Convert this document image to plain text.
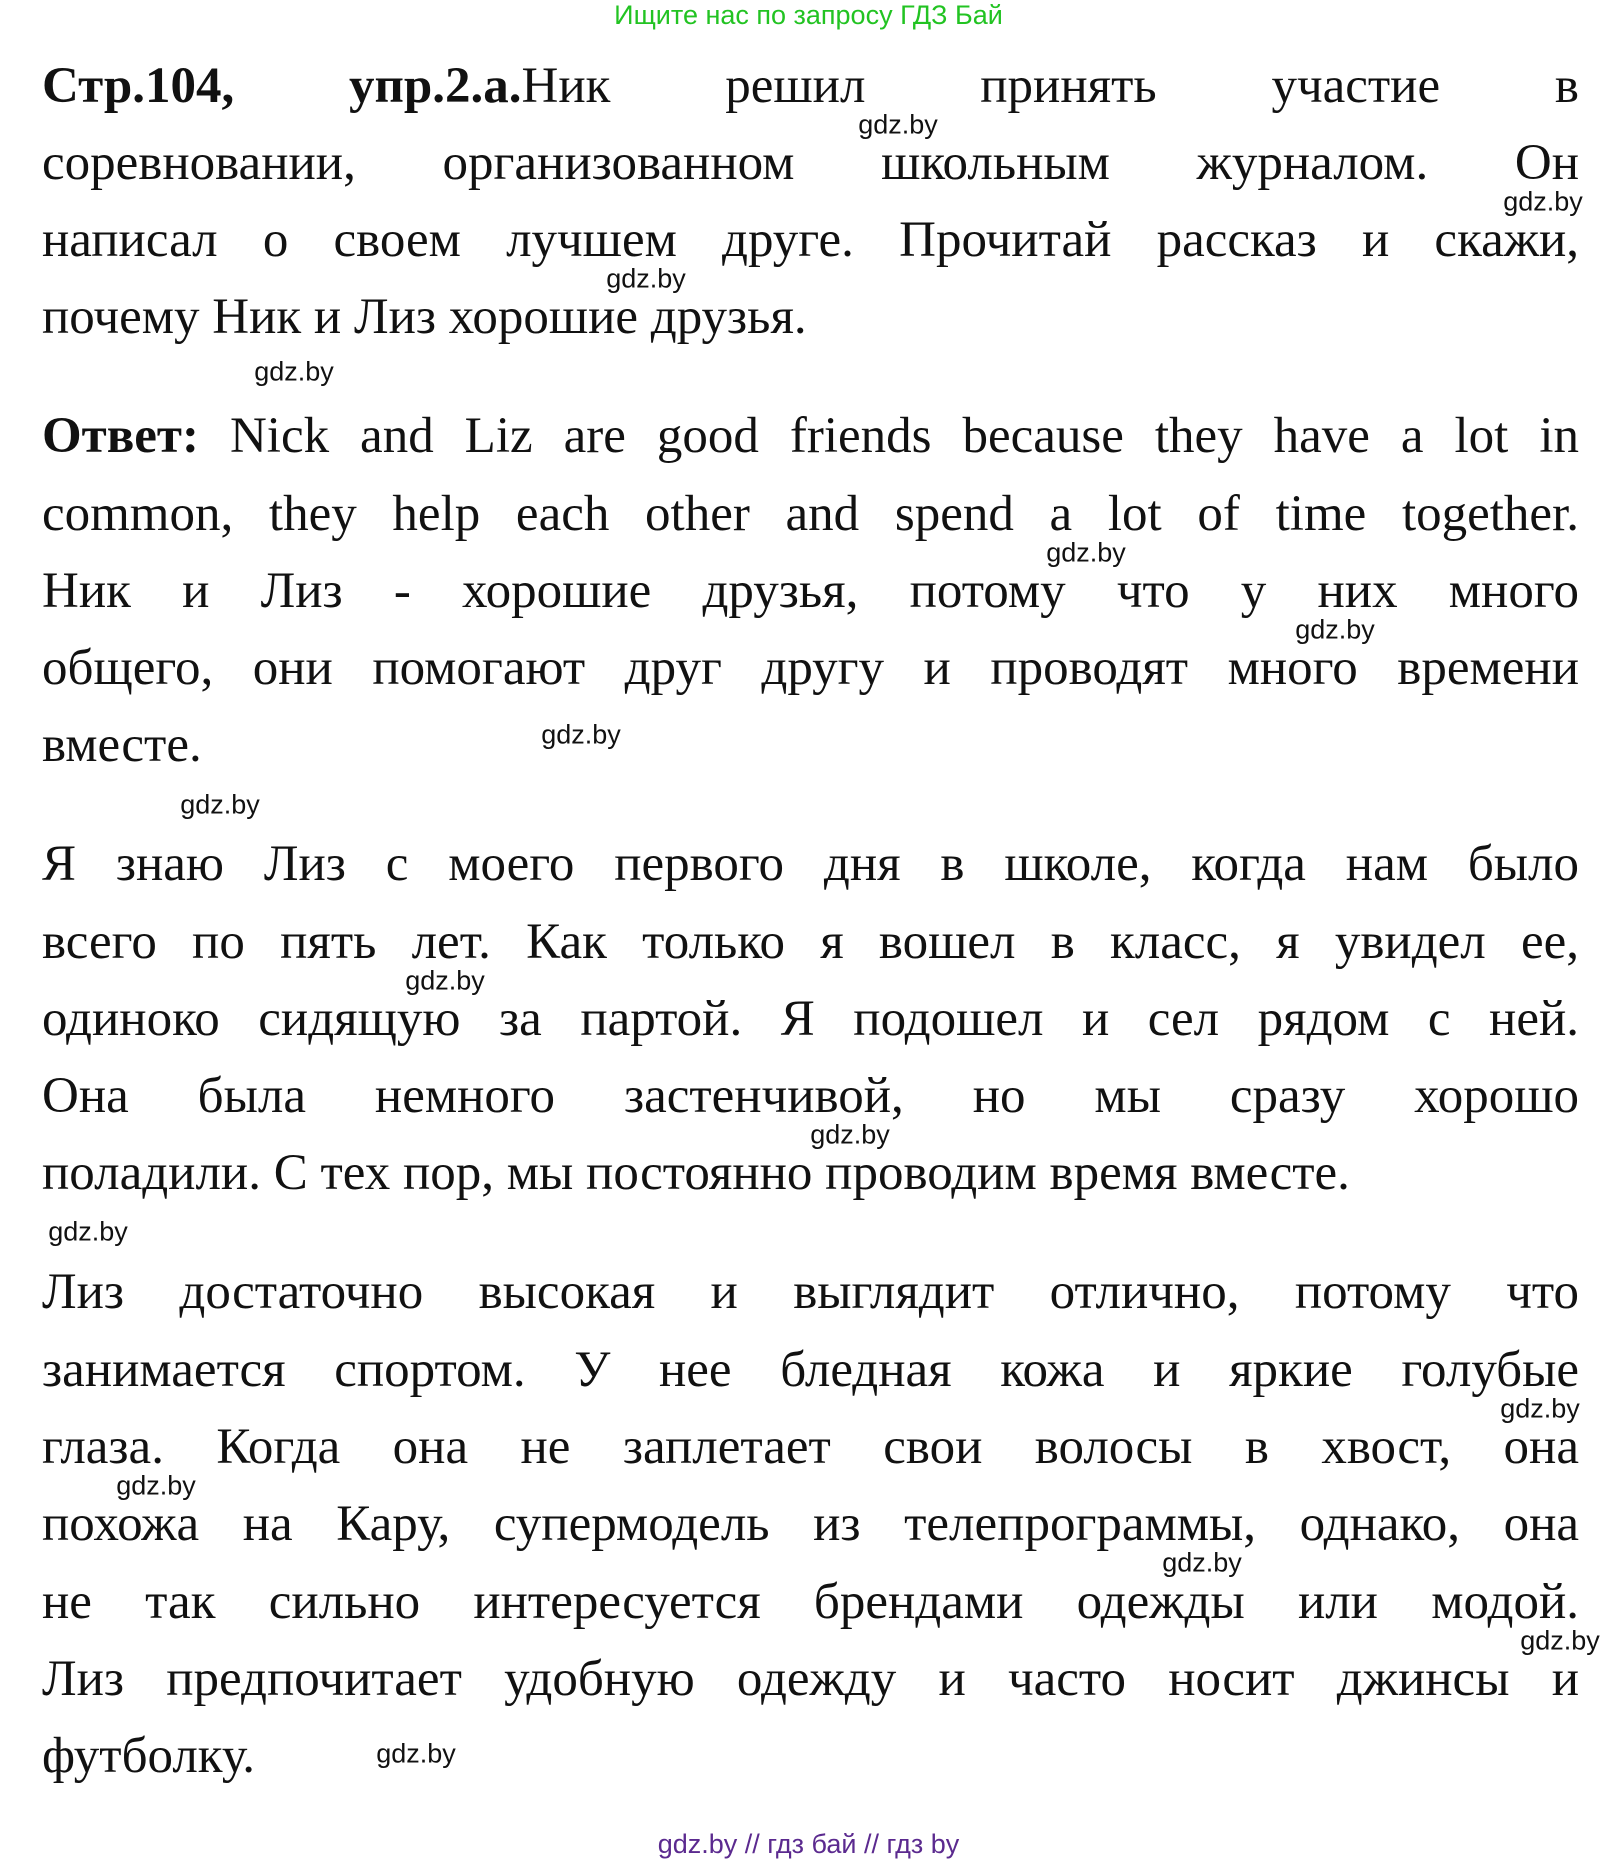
Ищите нас по запросу ГДЗ Бай
Стр.104, упр.2.а.Ник решил принять участие в
соревновании, организованном школьным журналом. Он
написал о своем лучшем друге. Прочитай рассказ и скажи,
почему Ник и Лиз хорошие друзья.
Ответ: Nick and Liz are good friends because they have a lot in
common, they help each other and spend a lot of time together.
Ник и Лиз - хорошие друзья, потому что у них много
общего, они помогают друг другу и проводят много времени
вместе.
Я знаю Лиз с моего первого дня в школе, когда нам было
всего по пять лет. Как только я вошел в класс, я увидел ее,
одиноко сидящую за партой. Я подошел и сел рядом с ней.
Она была немного застенчивой, но мы сразу хорошо
поладили. С тех пор, мы постоянно проводим время вместе.
Лиз достаточно высокая и выглядит отлично, потому что
занимается спортом. У нее бледная кожа и яркие голубые
глаза. Когда она не заплетает свои волосы в хвост, она
похожа на Кару, супермодель из телепрограммы, однако, она
не так сильно интересуется брендами одежды или модой.
Лиз предпочитает удобную одежду и часто носит джинсы и
футболку.
gdz.by
gdz.by
gdz.by
gdz.by
gdz.by
gdz.by
gdz.by
gdz.by
gdz.by
gdz.by
gdz.by
gdz.by
gdz.by
gdz.by
gdz.by
gdz.by
gdz.by // гдз бай // гдз by
